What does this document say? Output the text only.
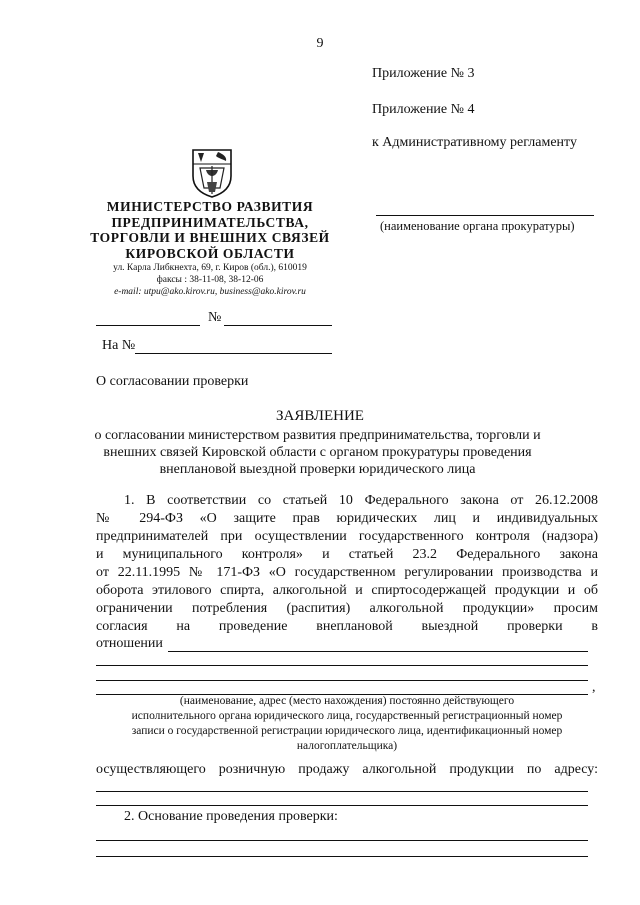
9
Приложение № 3
Приложение № 4
к Административному регламенту
МИНИСТЕРСТВО РАЗВИТИЯ
ПРЕДПРИНИМАТЕЛЬСТВА,
ТОРГОВЛИ И ВНЕШНИХ СВЯЗЕЙ
КИРОВСКОЙ ОБЛАСТИ
ул. Карла Либкнехта, 69, г. Киров (обл.), 610019
факсы : 38-11-08, 38-12-06
e-mail: utpu@ako.kirov.ru, business@ako.kirov.ru
№
На №
(наименование органа прокуратуры)
О согласовании проверки
ЗАЯВЛЕНИЕ
о согласовании министерством развития предпринимательства, торговли и
внешних связей Кировской области с органом прокуратуры проведения
внеплановой выездной проверки юридического лица
1. В соответствии со статьей 10 Федерального закона от 26.12.2008
№ 294-ФЗ «О защите прав юридических лиц и индивидуальных
предпринимателей при осуществлении государственного контроля (надзора)
и муниципального контроля» и статьей 23.2 Федерального закона
от 22.11.1995 № 171-ФЗ «О государственном регулировании производства и
оборота этилового спирта, алкогольной и спиртосодержащей продукции и об
ограничении потребления (распития) алкогольной продукции» просим
согласия на проведение внеплановой выездной проверки в
отношении
,
(наименование, адрес (место нахождения) постоянно действующего
исполнительного органа юридического лица, государственный регистрационный номер
записи о государственной регистрации юридического лица, идентификационный номер
налогоплательщика)
осуществляющего розничную продажу алкогольной продукции по адресу:
2. Основание проведения проверки:
